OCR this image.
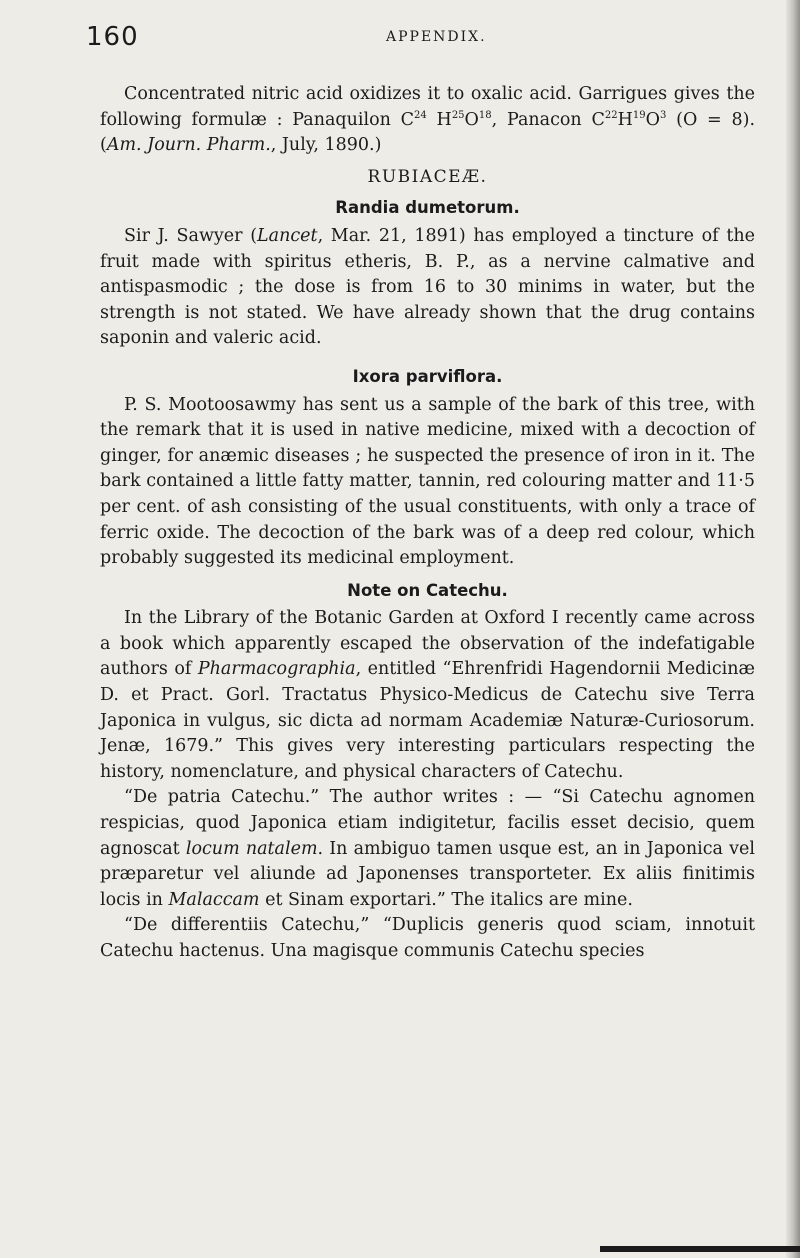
160	APPENDIX.

Concentrated nitric acid oxidizes it to oxalic acid. Garrigues gives the following formulæ : Panaquilon $C^{24}$ $H^{25}O^{18}$, Panacon $C^{22}H^{19}O^3$ (O = 8). (Am. Journ. Pharm., July, 1890.)

RUBIACEÆ.
Randia dumetorum.

Sir J. Sawyer (Lancet, Mar. 21, 1891) has employed a tincture of the fruit made with spiritus etheris, B. P., as a nervine calmative and antispasmodic ; the dose is from 16 to 30 minims in water, but the strength is not stated. We have already shown that the drug contains saponin and valeric acid.

Ixora parviflora.

P. S. Mootoosawmy has sent us a sample of the bark of this tree, with the remark that it is used in native medicine, mixed with a decoction of ginger, for anæmic diseases ; he suspected the presence of iron in it. The bark contained a little fatty matter, tannin, red colouring matter and 11·5 per cent. of ash consisting of the usual constituents, with only a trace of ferric oxide. The decoction of the bark was of a deep red colour, which probably suggested its medicinal employment.

Note on Catechu.

In the Library of the Botanic Garden at Oxford I recently came across a book which apparently escaped the observation of the indefatigable authors of Pharmacographia, entitled “Ehrenfridi Hagendornii Medicinæ D. et Pract. Gorl. Tractatus Physico-Medicus de Catechu sive Terra Japonica in vulgus, sic dicta ad normam Academiæ Naturæ-Curiosorum. Jenæ, 1679.” This gives very interesting particulars respecting the history, nomenclature, and physical characters of Catechu.

“De patria Catechu.” The author writes : — “Si Catechu agnomen respicias, quod Japonica etiam indigitetur, facilis esset decisio, quem agnoscat locum natalem. In ambiguo tamen usque est, an in Japonica vel præparetur vel aliunde ad Japonenses transporteter. Ex aliis finitimis locis in Malaccam et Sinam exportari.” The italics are mine.

“De differentiis Catechu,” “Duplicis generis quod sciam, innotuit Catechu hactenus. Una magisque communis Catechu species
